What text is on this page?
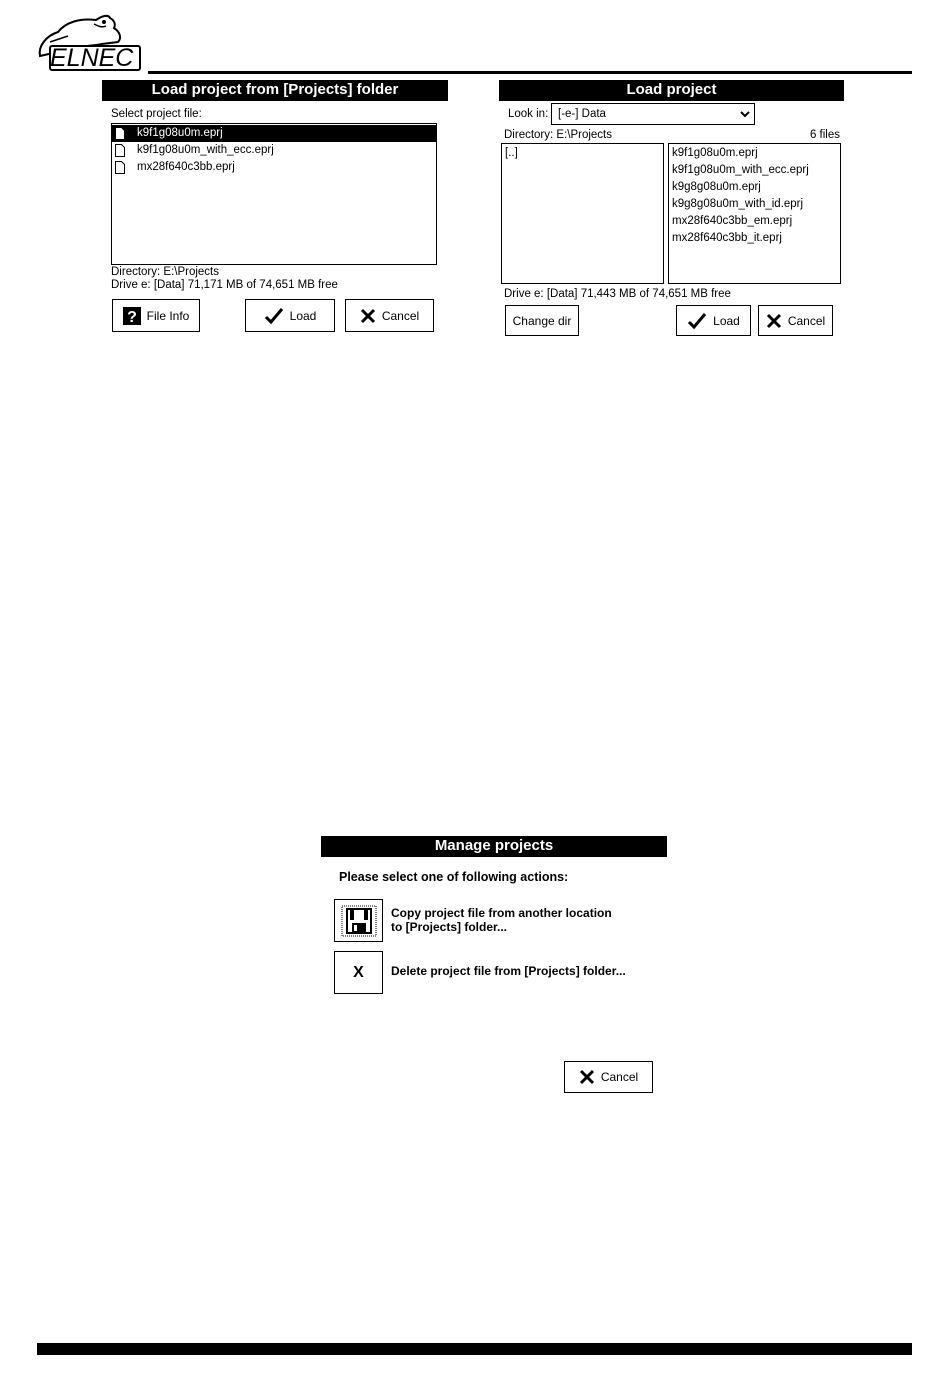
ELNEC
Load project from [Projects] folder
Select project file:
k9f1g08u0m.eprj
k9f1g08u0m_with_ecc.eprj
mx28f640c3bb.eprj
Directory: E:\Projects
Drive e: [Data] 71,171 MB of 74,651 MB free
? File Info	Load	Cancel
Load project
Look in: [-e-] Data
Directory: E:\Projects	6 files
[..]	k9f1g08u0m.eprj
k9f1g08u0m_with_ecc.eprj
k9g8g08u0m.eprj
k9g8g08u0m_with_id.eprj
mx28f640c3bb_em.eprj
mx28f640c3bb_it.eprj
Drive e: [Data] 71,443 MB of 74,651 MB free
Change dir	Load	Cancel
Manage projects
Please select one of following actions:
Copy project file from another location
to [Projects] folder...
X Delete project file from [Projects] folder...
Cancel
